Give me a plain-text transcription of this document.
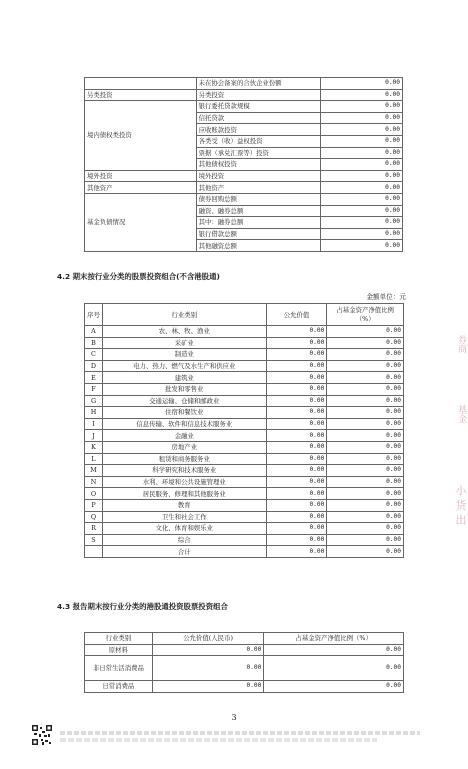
	未在协会备案的合伙企业份额	0.00
另类投资	另类投资	0.00
境内债权类投资	银行委托贷款规模	0.00
	信托贷款	0.00
	应收账款投资	0.00
	各类受（收）益权投资	0.00
	票据（承兑汇票等）投资	0.00
	其他债权投资	0.00
境外投资	境外投资	0.00
其他资产	其他资产	0.00
基金负债情况	债券回购总额	0.00
	融资、融券总额	0.00
	其中：融券总额	0.00
	银行借款总额	0.00
	其他融资总额	0.00
4.2 期末按行业分类的股票投资组合(不含港股通)
金额单位：元
序号	行业类别	公允价值	占基金资产净值比例（%）
A	农、林、牧、渔业	0.00	0.00
B	采矿业	0.00	0.00
C	制造业	0.00	0.00
D	电力、热力、燃气及水生产和供应业	0.00	0.00
E	建筑业	0.00	0.00
F	批发和零售业	0.00	0.00
G	交通运输、仓储和邮政业	0.00	0.00
H	住宿和餐饮业	0.00	0.00
I	信息传输、软件和信息技术服务业	0.00	0.00
J	金融业	0.00	0.00
K	房地产业	0.00	0.00
L	租赁和商务服务业	0.00	0.00
M	科学研究和技术服务业	0.00	0.00
N	水利、环境和公共设施管理业	0.00	0.00
O	居民服务、修理和其他服务业	0.00	0.00
P	教育	0.00	0.00
Q	卫生和社会工作	0.00	0.00
R	文化、体育和娱乐业	0.00	0.00
S	综合	0.00	0.00
	合计	0.00	0.00
4.3 报告期末按行业分类的港股通投资股票投资组合
行业类别	公允价值(人民币)	占基金资产净值比例（%）
原材料	0.00	0.00
非日常生活消费品	0.00	0.00
日常消费品	0.00	0.00
券商
基金
小 货 出
3
